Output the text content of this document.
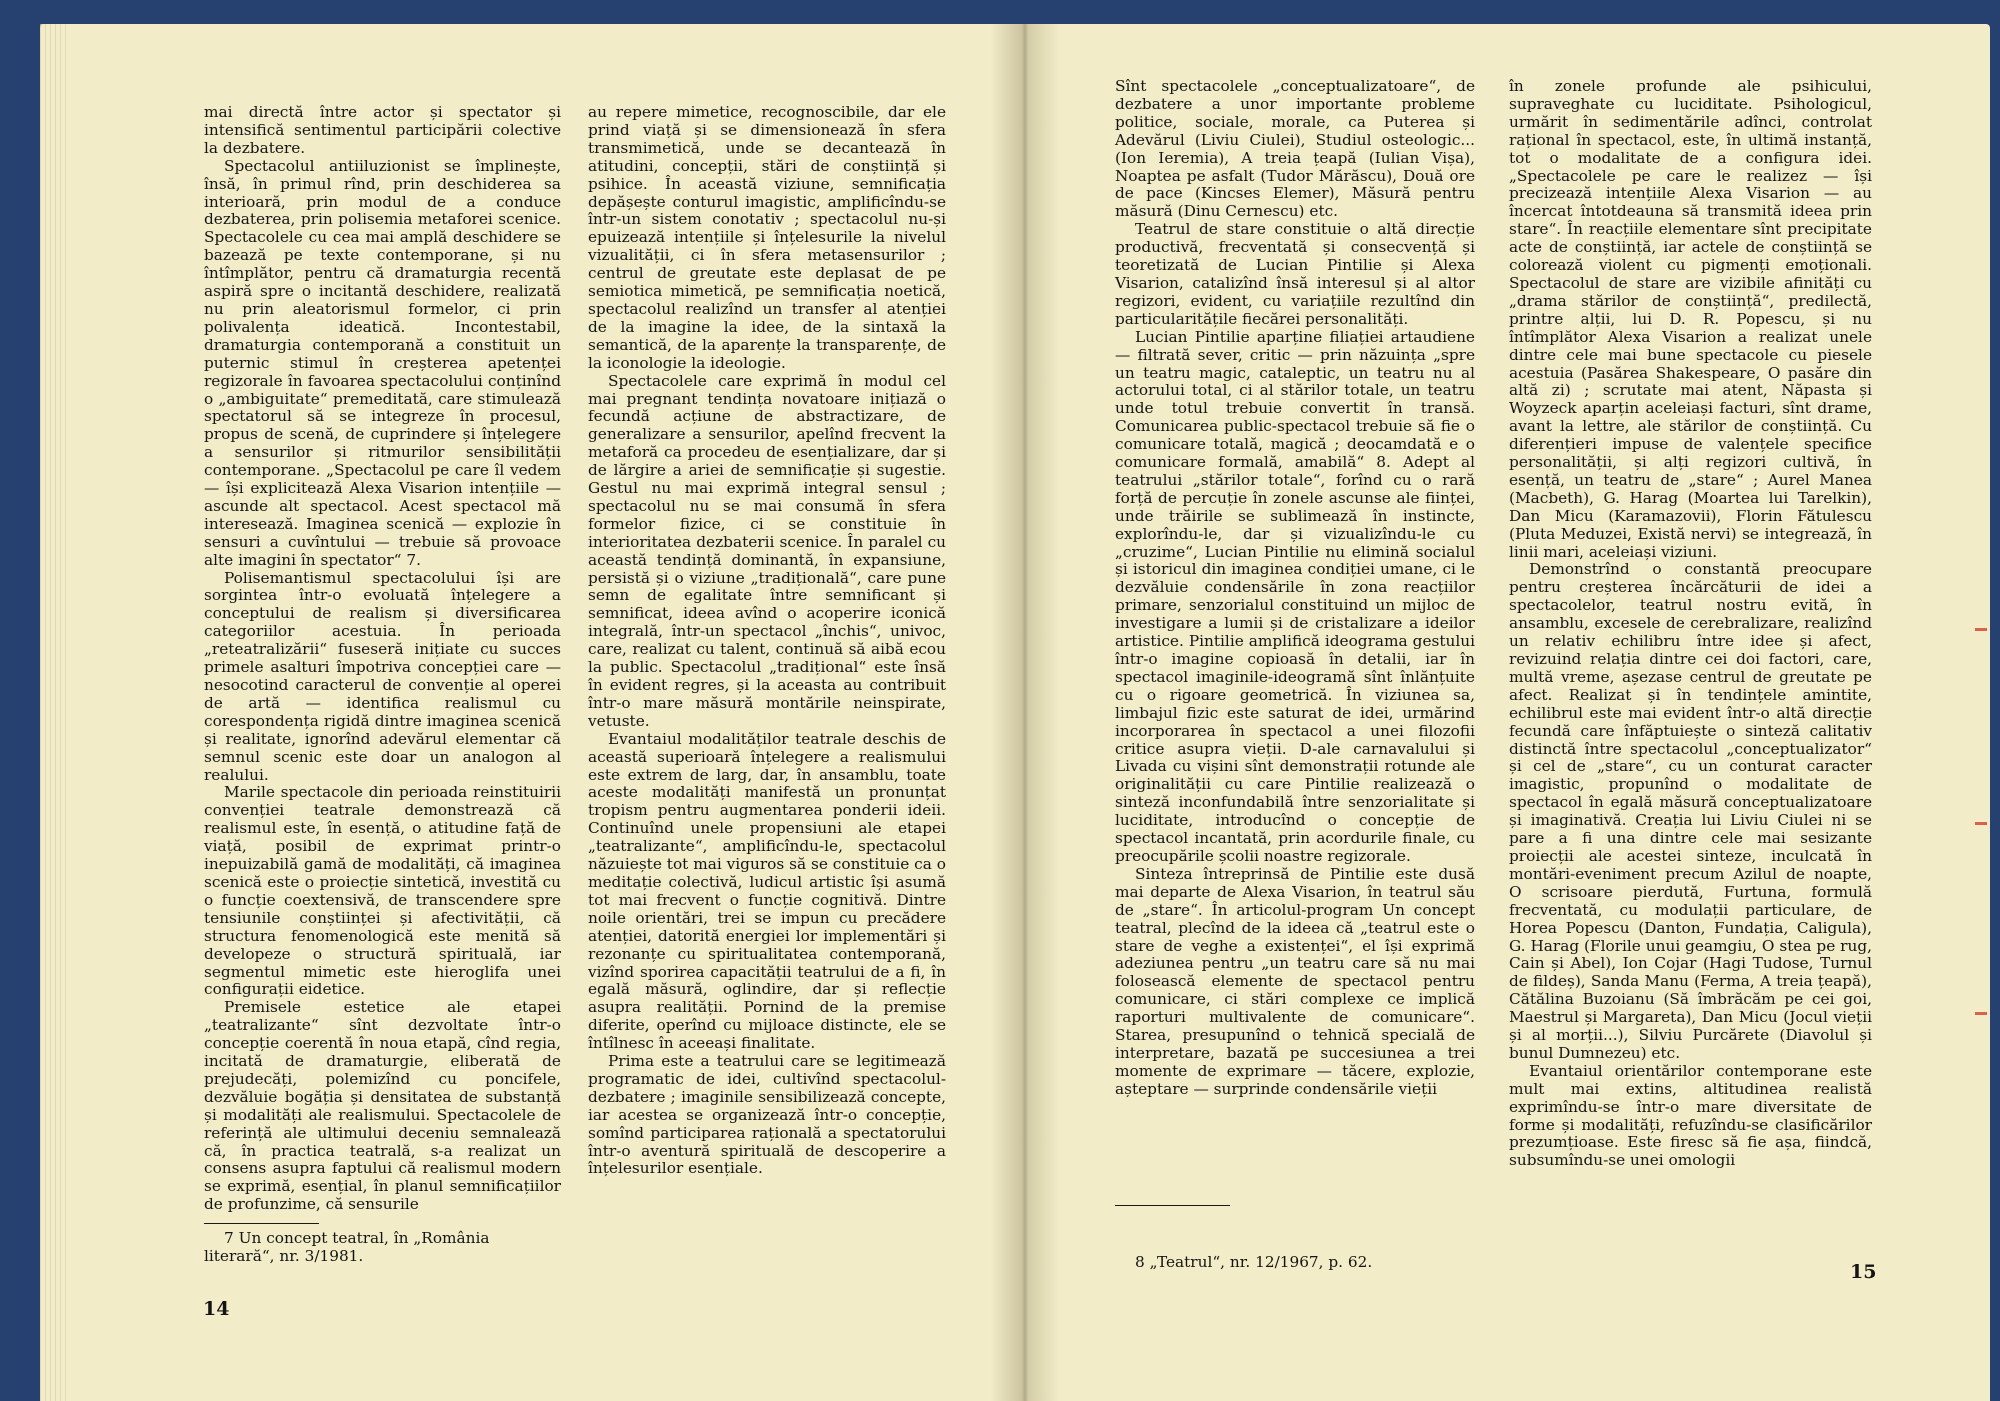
mai directă între actor și spectator și intensifică sentimentul participării colective la dezbatere.

Spectacolul antiiluzionist se împlinește, însă, în primul rînd, prin deschiderea sa interioară, prin modul de a conduce dezbaterea, prin polisemia metaforei scenice. Spectacolele cu cea mai amplă deschidere se bazează pe texte contemporane, și nu întîmplător, pentru că dramaturgia recentă aspiră spre o incitantă deschidere, realizată nu prin aleatorismul formelor, ci prin polivalența ideatică. Incontestabil, dramaturgia contemporană a constituit un puternic stimul în creșterea apetenței regizorale în favoarea spectacolului conținînd o „ambiguitate“ premeditată, care stimulează spectatorul să se integreze în procesul, propus de scenă, de cuprindere și înțelegere a sensurilor și ritmurilor sensibilității contemporane. „Spectacolul pe care îl vedem — își explicitează Alexa Visarion intențiile — ascunde alt spectacol. Acest spectacol mă interesează. Imaginea scenică — explozie în sensuri a cuvîntului — trebuie să provoace alte imagini în spectator“ 7.

Polisemantismul spectacolului își are sorgintea într-o evoluată înțelegere a conceptului de realism și diversificarea categoriilor acestuia. În perioada „reteatralizării“ fuseseră inițiate cu succes primele asalturi împotriva concepției care — nesocotind caracterul de convenție al operei de artă — identifica realismul cu corespondența rigidă dintre imaginea scenică și realitate, ignorînd adevărul elementar că semnul scenic este doar un analogon al realului.

Marile spectacole din perioada reinstituirii convenției teatrale demonstrează că realismul este, în esență, o atitudine față de viață, posibil de exprimat printr-o inepuizabilă gamă de modalități, că imaginea scenică este o proiecție sintetică, investită cu o funcție coextensivă, de transcendere spre tensiunile conștiinței și afectivității, că structura fenomenologică este menită să developeze o structură spirituală, iar segmentul mimetic este hieroglifa unei configurații eidetice.

Premisele estetice ale etapei „teatralizante“ sînt dezvoltate într-o concepție coerentă în noua etapă, cînd regia, incitată de dramaturgie, eliberată de prejudecăți, polemizînd cu poncifele, dezvăluie bogăția și densitatea de substanță și modalități ale realismului. Spectacolele de referință ale ultimului deceniu semnalează că, în practica teatrală, s-a realizat un consens asupra faptului că realismul modern se exprimă, esențial, în planul semnificațiilor de profunzime, că sensurile

7 Un concept teatral, în „România literară“, nr. 3/1981.

au repere mimetice, recognoscibile, dar ele prind viață și se dimensionează în sfera transmimetică, unde se decantează în atitudini, concepții, stări de conștiință și psihice. În această viziune, semnificația depășește conturul imagistic, amplificîndu-se într-un sistem conotativ ; spectacolul nu-și epuizează intențiile și înțelesurile la nivelul vizualității, ci în sfera metasensurilor ; centrul de greutate este deplasat de pe semiotica mimetică, pe semnificația noetică, spectacolul realizînd un transfer al atenției de la imagine la idee, de la sintaxă la semantică, de la aparențe la transparențe, de la iconologie la ideologie.

Spectacolele care exprimă în modul cel mai pregnant tendința novatoare inițiază o fecundă acțiune de abstractizare, de generalizare a sensurilor, apelînd frecvent la metaforă ca procedeu de esențializare, dar și de lărgire a ariei de semnificație și sugestie. Gestul nu mai exprimă integral sensul ; spectacolul nu se mai consumă în sfera formelor fizice, ci se constituie în interioritatea dezbaterii scenice. În paralel cu această tendință dominantă, în expansiune, persistă și o viziune „tradițională“, care pune semn de egalitate între semnificant și semnificat, ideea avînd o acoperire iconică integrală, într-un spectacol „închis“, univoc, care, realizat cu talent, continuă să aibă ecou la public. Spectacolul „tradițional“ este însă în evident regres, și la aceasta au contribuit într-o mare măsură montările neinspirate, vetuste.

Evantaiul modalităților teatrale deschis de această superioară înțelegere a realismului este extrem de larg, dar, în ansamblu, toate aceste modalități manifestă un pronunțat tropism pentru augmentarea ponderii ideii. Continuînd unele propensiuni ale etapei „teatralizante“, amplificîndu-le, spectacolul năzuiește tot mai viguros să se constituie ca o meditație colectivă, ludicul artistic își asumă tot mai frecvent o funcție cognitivă. Dintre noile orientări, trei se impun cu precădere atenției, datorită energiei lor implementări și rezonanțe cu spiritualitatea contemporană, vizînd sporirea capacității teatrului de a fi, în egală măsură, oglindire, dar și reflecție asupra realității. Pornind de la premise diferite, operînd cu mijloace distincte, ele se întîlnesc în aceeași finalitate.

Prima este a teatrului care se legitimează programatic de idei, cultivînd spectacolul-dezbatere ; imaginile sensibilizează concepte, iar acestea se organizează într-o concepție, somînd participarea rațională a spectatorului într-o aventură spirituală de descoperire a înțelesurilor esențiale.

14

Sînt spectacolele „conceptualizatoare“, de dezbatere a unor importante probleme politice, sociale, morale, ca Puterea și Adevărul (Liviu Ciulei), Studiul osteologic... (Ion Ieremia), A treia țeapă (Iulian Vișa), Noaptea pe asfalt (Tudor Mărăscu), Două ore de pace (Kincses Elemer), Măsură pentru măsură (Dinu Cernescu) etc.

Teatrul de stare constituie o altă direcție productivă, frecventată și consecvență și teoretizată de Lucian Pintilie și Alexa Visarion, catalizînd însă interesul și al altor regizori, evident, cu variațiile rezultînd din particularitățile fiecărei personalități.

Lucian Pintilie aparține filiației artaudiene — filtrată sever, critic — prin năzuința „spre un teatru magic, cataleptic, un teatru nu al actorului total, ci al stărilor totale, un teatru unde totul trebuie convertit în transă. Comunicarea public-spectacol trebuie să fie o comunicare totală, magică ; deocamdată e o comunicare formală, amabilă“ 8. Adept al teatrului „stărilor totale“, forînd cu o rară forță de percuție în zonele ascunse ale ființei, unde trăirile se sublimează în instincte, explorîndu-le, dar și vizualizîndu-le cu „cruzime“, Lucian Pintilie nu elimină socialul și istoricul din imaginea condiției umane, ci le dezvăluie condensările în zona reacțiilor primare, senzorialul constituind un mijloc de investigare a lumii și de cristalizare a ideilor artistice. Pintilie amplifică ideograma gestului într-o imagine copioasă în detalii, iar în spectacol imaginile-ideogramă sînt înlănțuite cu o rigoare geometrică. În viziunea sa, limbajul fizic este saturat de idei, urmărind incorporarea în spectacol a unei filozofii critice asupra vieții. D-ale carnavalului și Livada cu vișini sînt demonstrații rotunde ale originalității cu care Pintilie realizează o sinteză inconfundabilă între senzorialitate și luciditate, introducînd o concepție de spectacol incantată, prin acordurile finale, cu preocupările școlii noastre regizorale.

Sinteza întreprinsă de Pintilie este dusă mai departe de Alexa Visarion, în teatrul său de „stare“. În articolul-program Un concept teatral, plecînd de la ideea că „teatrul este o stare de veghe a existenței“, el își exprimă adeziunea pentru „un teatru care să nu mai folosească elemente de spectacol pentru comunicare, ci stări complexe ce implică raporturi multivalente de comunicare“. Starea, presupunînd o tehnică specială de interpretare, bazată pe succesiunea a trei momente de exprimare — tăcere, explozie, așteptare — surprinde condensările vieții

8 „Teatrul“, nr. 12/1967, p. 62.

în zonele profunde ale psihicului, supraveghate cu luciditate. Psihologicul, urmărit în sedimentările adînci, controlat rațional în spectacol, este, în ultimă instanță, tot o modalitate de a configura idei. „Spectacolele pe care le realizez — își precizează intențiile Alexa Visarion — au încercat întotdeauna să transmită ideea prin stare“. În reacțiile elementare sînt precipitate acte de conștiință, iar actele de conștiință se colorează violent cu pigmenți emoționali. Spectacolul de stare are vizibile afinități cu „drama stărilor de conștiință“, predilectă, printre alții, lui D. R. Popescu, și nu întîmplător Alexa Visarion a realizat unele dintre cele mai bune spectacole cu piesele acestuia (Pasărea Shakespeare, O pasăre din altă zi) ; scrutate mai atent, Năpasta și Woyzeck aparțin aceleiași facturi, sînt drame, avant la lettre, ale stărilor de conștiință. Cu diferențieri impuse de valențele specifice personalității, și alți regizori cultivă, în esență, un teatru de „stare“ ; Aurel Manea (Macbeth), G. Harag (Moartea lui Tarelkin), Dan Micu (Karamazovii), Florin Fătulescu (Pluta Meduzei, Există nervi) se integrează, în linii mari, aceleiași viziuni.

Demonstrînd o constantă preocupare pentru creșterea încărcăturii de idei a spectacolelor, teatrul nostru evită, în ansamblu, excesele de cerebralizare, realizînd un relativ echilibru între idee și afect, revizuind relația dintre cei doi factori, care, multă vreme, așezase centrul de greutate pe afect. Realizat și în tendințele amintite, echilibrul este mai evident într-o altă direcție fecundă care înfăptuiește o sinteză calitativ distinctă între spectacolul „conceptualizator“ și cel de „stare“, cu un conturat caracter imagistic, propunînd o modalitate de spectacol în egală măsură conceptualizatoare și imaginativă. Creația lui Liviu Ciulei ni se pare a fi una dintre cele mai sesizante proiecții ale acestei sinteze, inculcată în montări-eveniment precum Azilul de noapte, O scrisoare pierdută, Furtuna, formulă frecventată, cu modulații particulare, de Horea Popescu (Danton, Fundația, Caligula), G. Harag (Florile unui geamgiu, O stea pe rug, Cain și Abel), Ion Cojar (Hagi Tudose, Turnul de fildeș), Sanda Manu (Ferma, A treia țeapă), Cătălina Buzoianu (Să îmbrăcăm pe cei goi, Maestrul și Margareta), Dan Micu (Jocul vieții și al morții...), Silviu Purcărete (Diavolul și bunul Dumnezeu) etc.

Evantaiul orientărilor contemporane este mult mai extins, altitudinea realistă exprimîndu-se într-o mare diversitate de forme și modalități, refuzîndu-se clasificărilor prezumțioase. Este firesc să fie așa, fiindcă, subsumîndu-se unei omologii

15
